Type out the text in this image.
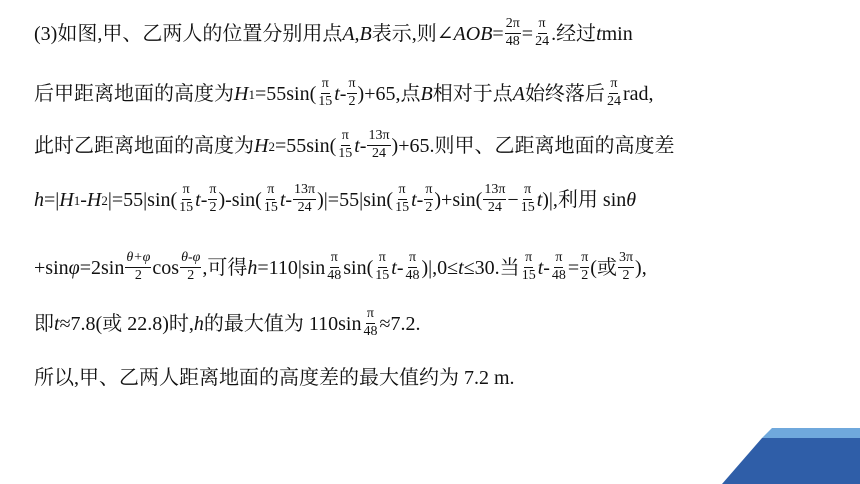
(3)如图,甲、乙两人的位置分别用点 A , B 表示,则∠ AOB = $\frac{2\pi}{48} = \frac{\pi}{24}$ .经过 t min
后甲距离地面的高度为 H $1 =55\sin( \frac{\pi}{15}$ $t - \frac{\pi}{2} )+65$,点 B 相对于点 A 始终落后 $\frac{\pi}{24}$ rad,
此时乙距离地面的高度为 H $2 =55\sin( \frac{\pi}{15}$ $t - \frac{13\pi}{24} )+65$.则甲、乙距离地面的高度差
h =| H 1 - H 2 $|=55|\sin( \frac{\pi}{15}$ t - $\frac{\pi}{2} )-\sin( \frac{\pi}{15}$ $t - \frac{13\pi}{24} )|=55|\sin( \frac{\pi}{15}$ $t - \frac{\pi}{2} )+\sin( \frac{13\pi}{24} - \frac{\pi}{15}$ t )|,利用 sin θ
+sin $\varphi =2\sin \frac{\theta+\varphi}{2}$ $\cos \frac{\theta-\varphi}{2}$ ,可得 $h =110|\sin \frac{\pi}{48} \sin( \frac{\pi}{15}$ $t - \frac{\pi}{48} )|,0\le t \le 30$.当 $\frac{\pi}{15}$ $t - \frac{\pi}{48} = \frac{\pi}{2}$ (或 $\frac{3\pi}{2}$ ),
即 t ≈7.8(或 22.8)时, h 的最大值为 $110\sin \frac{\pi}{48} \approx 7.2$.
所以,甲、乙两人距离地面的高度差的最大值约为 7.2 m.
